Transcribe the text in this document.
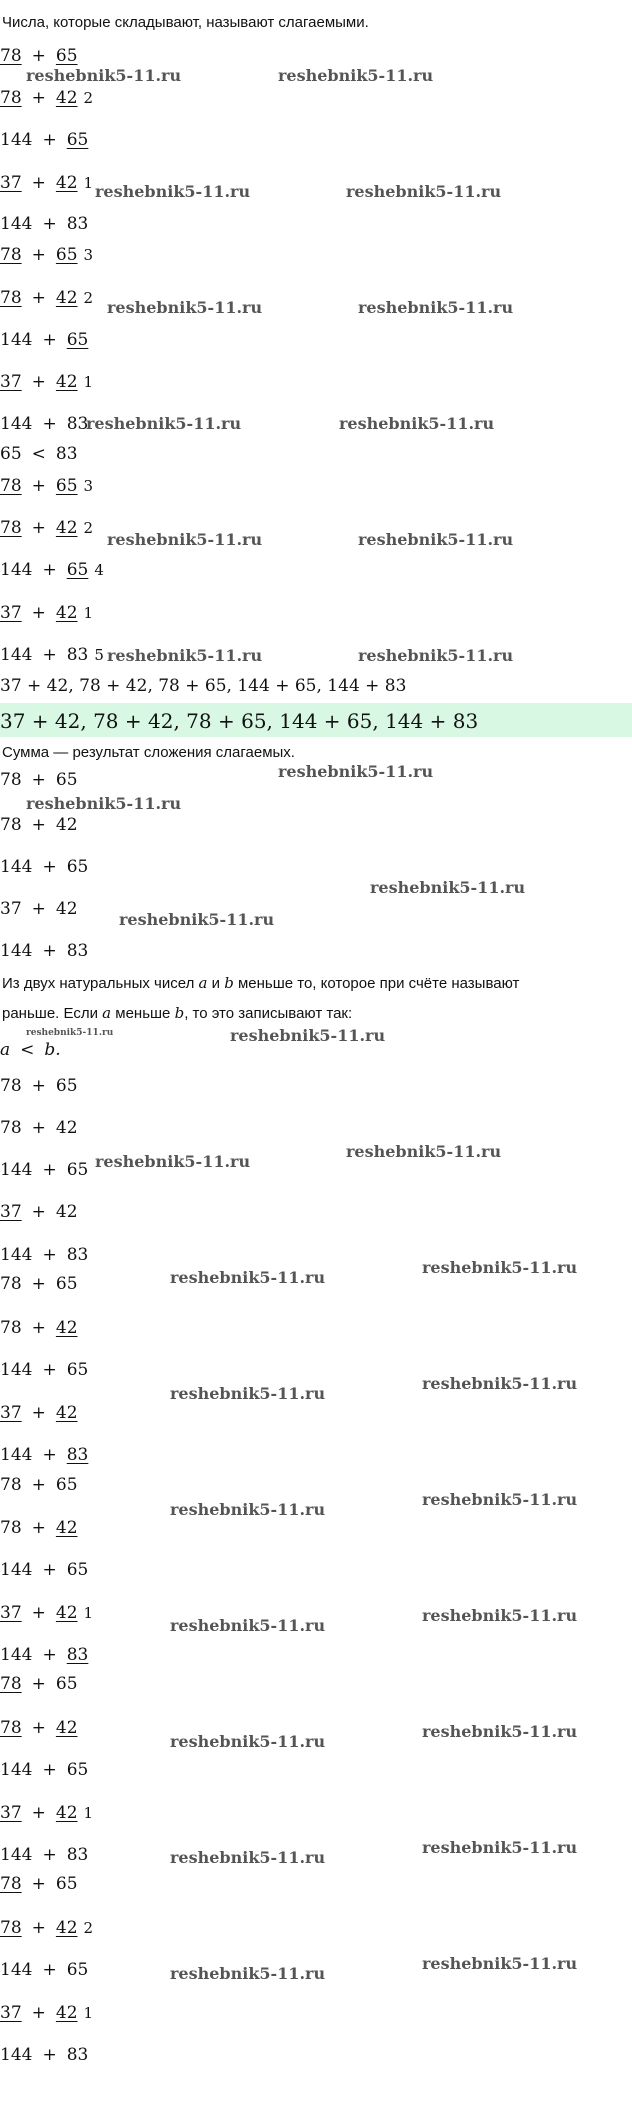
Числа, которые складывают, называют слагаемыми.
78 + 65
78 + 42 2
144 + 65
37 + 42 1
144 + 83
78 + 65 3
78 + 42 2
144 + 65
37 + 42 1
144 + 83
65 < 83
78 + 65 3
78 + 42 2
144 + 65 4
37 + 42 1
144 + 83 5
37 + 42, 78 + 42, 78 + 65, 144 + 65, 144 + 83
37 + 42, 78 + 42, 78 + 65, 144 + 65, 144 + 83
Сумма — результат сложения слагаемых.
78 + 65
78 + 42
144 + 65
37 + 42
144 + 83
Из двух натуральных чисел a и b меньше то, которое при счёте называют
раньше. Если a меньше b, то это записывают так:
a < b.
78 + 65
78 + 42
144 + 65
37 + 42
144 + 83
78 + 65
78 + 42
144 + 65
37 + 42
144 + 83
78 + 65
78 + 42
144 + 65
37 + 42 1
144 + 83
78 + 65
78 + 42
144 + 65
37 + 42 1
144 + 83
78 + 65
78 + 42 2
144 + 65
37 + 42 1
144 + 83
reshebnik5-11.ru	reshebnik5-11.ru
reshebnik5-11.ru	reshebnik5-11.ru
reshebnik5-11.ru	reshebnik5-11.ru
reshebnik5-11.ru	reshebnik5-11.ru
reshebnik5-11.ru	reshebnik5-11.ru
reshebnik5-11.ru	reshebnik5-11.ru
reshebnik5-11.ru
reshebnik5-11.ru
reshebnik5-11.ru
reshebnik5-11.ru
reshebnik5-11.ru	reshebnik5-11.ru
reshebnik5-11.ru
reshebnik5-11.ru
reshebnik5-11.ru
reshebnik5-11.ru
reshebnik5-11.ru
reshebnik5-11.ru
reshebnik5-11.ru
reshebnik5-11.ru
reshebnik5-11.ru
reshebnik5-11.ru
reshebnik5-11.ru
reshebnik5-11.ru
reshebnik5-11.ru
reshebnik5-11.ru
reshebnik5-11.ru
reshebnik5-11.ru
